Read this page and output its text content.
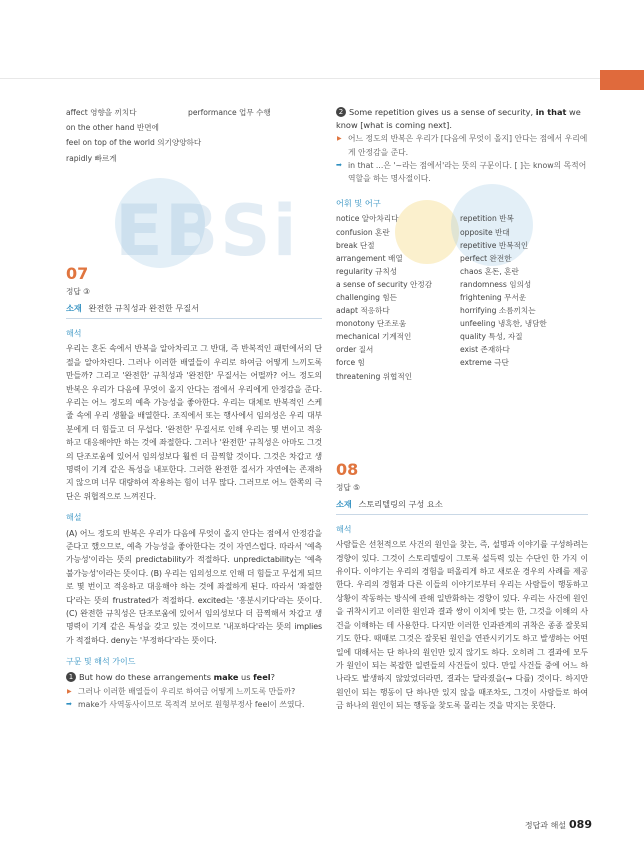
EBSi
affect 영향을 끼치다	performance 업무 수행
on the other hand 반면에
feel on top of the world 의기양양하다
rapidly 빠르게
07
정답 ③
소재 완전한 규칙성과 완전한 무질서
해석
우리는 혼돈 속에서 반복을 알아차리고 그 반대, 즉 반복적인 패턴에서의 단절을 알아차린다. 그러나 이러한 배열들이 우리로 하여금 어떻게 느끼도록 만들까? 그리고 '완전한' 규칙성과 '완전한' 무질서는 어떨까? 어느 정도의 반복은 우리가 다음에 무엇이 올지 안다는 점에서 우리에게 안정감을 준다. 우리는 어느 정도의 예측 가능성을 좋아한다. 우리는 대체로 반복적인 스케줄 속에 우리 생활을 배열한다. 조직에서 또는 행사에서 임의성은 우리 대부분에게 더 힘들고 더 무섭다. '완전한' 무질서로 인해 우리는 몇 번이고 적응하고 대응해야만 하는 것에 좌절한다. 그러나 '완전한' 규칙성은 아마도 그것의 단조로움에 있어서 임의성보다 훨씬 더 끔찍할 것이다. 그것은 차갑고 생명력이 기계 같은 특성을 내포한다. 그러한 완전한 질서가 자연에는 존재하지 않으며 너무 대량하여 작용하는 힘이 너무 많다. 그러므로 어느 한쪽의 극단은 위협적으로 느껴진다.
해설
(A) 어느 정도의 반복은 우리가 다음에 무엇이 올지 안다는 점에서 안정감을 준다고 했으므로, 예측 가능성을 좋아한다는 것이 자연스럽다. 따라서 '예측 가능성'이라는 뜻의 predictability가 적절하다. unpredictability는 '예측 불가능성'이라는 뜻이다. (B) 우리는 임의성으로 인해 더 힘들고 무섭게 되므로 몇 번이고 적응하고 대응해야 하는 것에 좌절하게 된다. 따라서 '좌절한다'라는 뜻의 frustrated가 적절하다. excited는 '흥분시키다'라는 뜻이다. (C) 완전한 규칙성은 단조로움에 있어서 임의성보다 더 끔찍해서 차갑고 생명력이 기계 같은 특성을 갖고 있는 것이므로 '내포하다'라는 뜻의 implies가 적절하다. deny는 '부정하다'라는 뜻이다.
구문 및 해석 가이드
1 But how do these arrangements make us feel?
▶ 그러나 이러한 배열들이 우리로 하여금 어떻게 느끼도록 만들까?
➡ make가 사역동사이므로 목적격 보어로 원형부정사 feel이 쓰였다.
2 Some repetition gives us a sense of security, in that we know [what is coming next].
▶ 어느 정도의 반복은 우리가 [다음에 무엇이 올지] 안다는 점에서 우리에게 안정감을 준다.
➡ in that ...은 '~라는 점에서'라는 뜻의 구문이다. [ ]는 know의 목적어 역할을 하는 명사절이다.
어휘 및 어구
notice 알아차리다	repetition 반복
confusion 혼란	opposite 반대
break 단절	repetitive 반복적인
arrangement 배열	perfect 완전한
regularity 규칙성	chaos 혼돈, 혼란
a sense of security 안정감	randomness 임의성
challenging 힘든	frightening 무서운
adapt 적응하다	horrifying 소름끼치는
monotony 단조로움	unfeeling 냉혹한, 냉담한
mechanical 기계적인	quality 특성, 자질
order 질서	exist 존재하다
force 힘	extreme 극단
threatening 위협적인
08
정답 ⑤
소재 스토리텔링의 구성 요소
해석
사람들은 선천적으로 사건의 원인을 찾는, 즉, 설명과 이야기를 구성하려는 경향이 있다. 그것이 스토리텔링이 그토록 설득력 있는 수단인 한 가지 이유이다. 이야기는 우리의 경험을 떠올리게 하고 새로운 경우의 사례를 제공한다. 우리의 경험과 다른 이들의 이야기로부터 우리는 사람들이 행동하고 상황이 작동하는 방식에 관해 일반화하는 경향이 있다. 우리는 사건에 원인을 귀착시키고 이러한 원인과 결과 쌍이 이치에 맞는 한, 그것을 이해의 사건을 이해하는 데 사용한다. 다지만 이러한 인과관계의 귀착은 종종 잘못되기도 한다. 때때로 그것은 잘못된 원인을 연관시키기도 하고 발생하는 어떤 일에 대해서는 단 하나의 원인만 있지 않기도 하다. 오히려 그 결과에 모두가 원인이 되는 복잡한 일련들의 사건들이 있다. 만일 사건들 중에 어느 하나라도 발생하지 않았었더라면, 결과는 달라졌을(→ 다를) 것이다. 하지만 원인이 되는 행동이 단 하나만 있지 않을 때조차도, 그것이 사람들로 하여금 하나의 원인이 되는 행동을 찾도록 몰리는 것을 막지는 못한다.
정답과 해설 089
